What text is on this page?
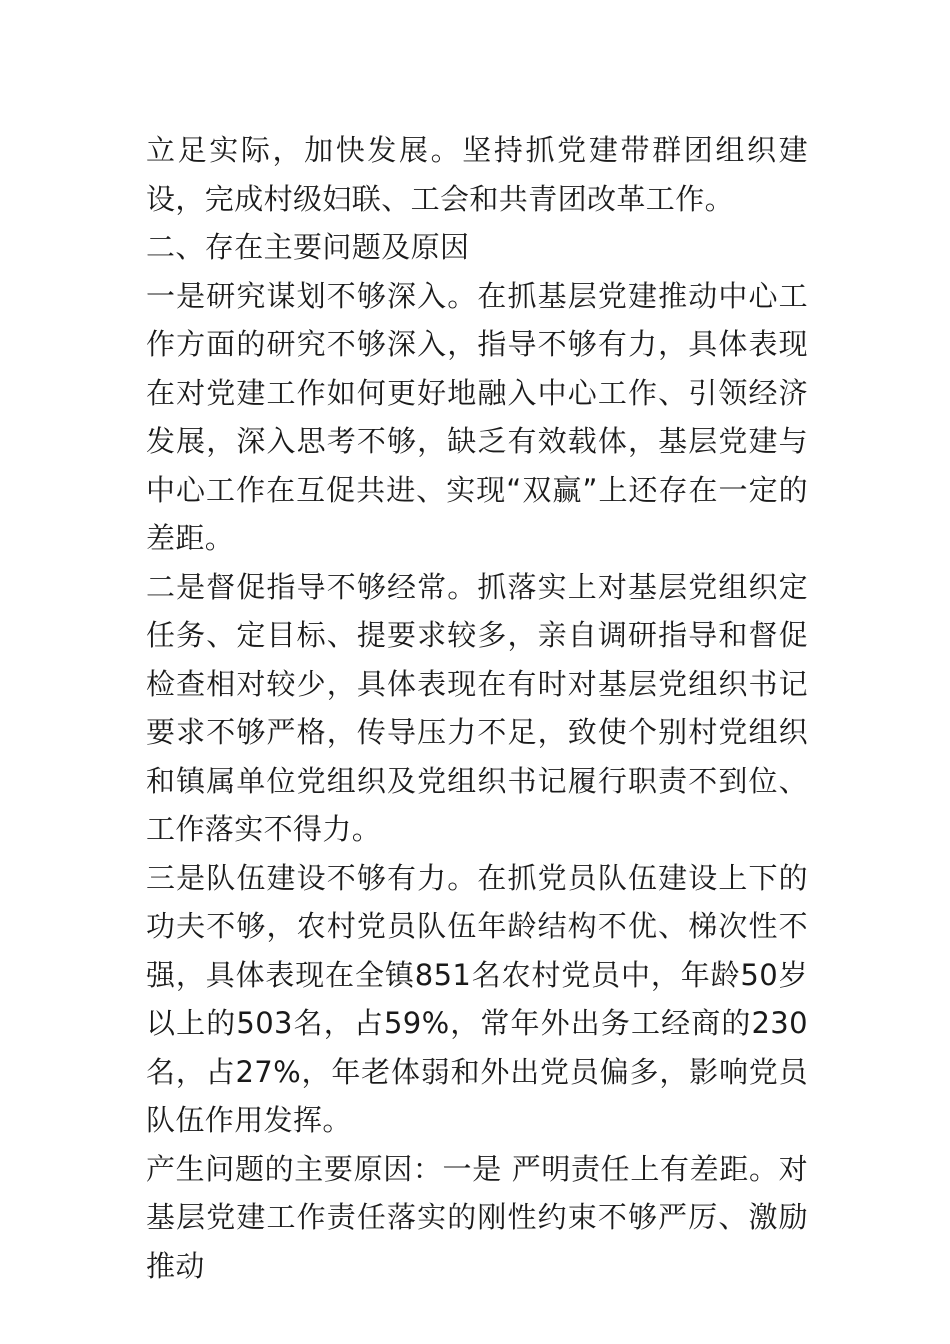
立足实际，加快发展。坚持抓党建带群团组织建设，完成村级妇联、工会和共青团改革工作。

二、存在主要问题及原因

一是研究谋划不够深入。在抓基层党建推动中心工作方面的研究不够深入，指导不够有力，具体表现在对党建工作如何更好地融入中心工作、引领经济发展，深入思考不够，缺乏有效载体，基层党建与中心工作在互促共进、实现“双赢”上还存在一定的差距。

二是督促指导不够经常。抓落实上对基层党组织定任务、定目标、提要求较多，亲自调研指导和督促检查相对较少，具体表现在有时对基层党组织书记要求不够严格，传导压力不足，致使个别村党组织和镇属单位党组织及党组织书记履行职责不到位、工作落实不得力。

三是队伍建设不够有力。在抓党员队伍建设上下的功夫不够，农村党员队伍年龄结构不优、梯次性不强，具体表现在全镇851名农村党员中，年龄50岁以上的503名，占59%，常年外出务工经商的230名，占27%，年老体弱和外出党员偏多，影响党员队伍作用发挥。

产生问题的主要原因：一是 严明责任上有差距。对基层党建工作责任落实的刚性约束不够严厉、激励推动
